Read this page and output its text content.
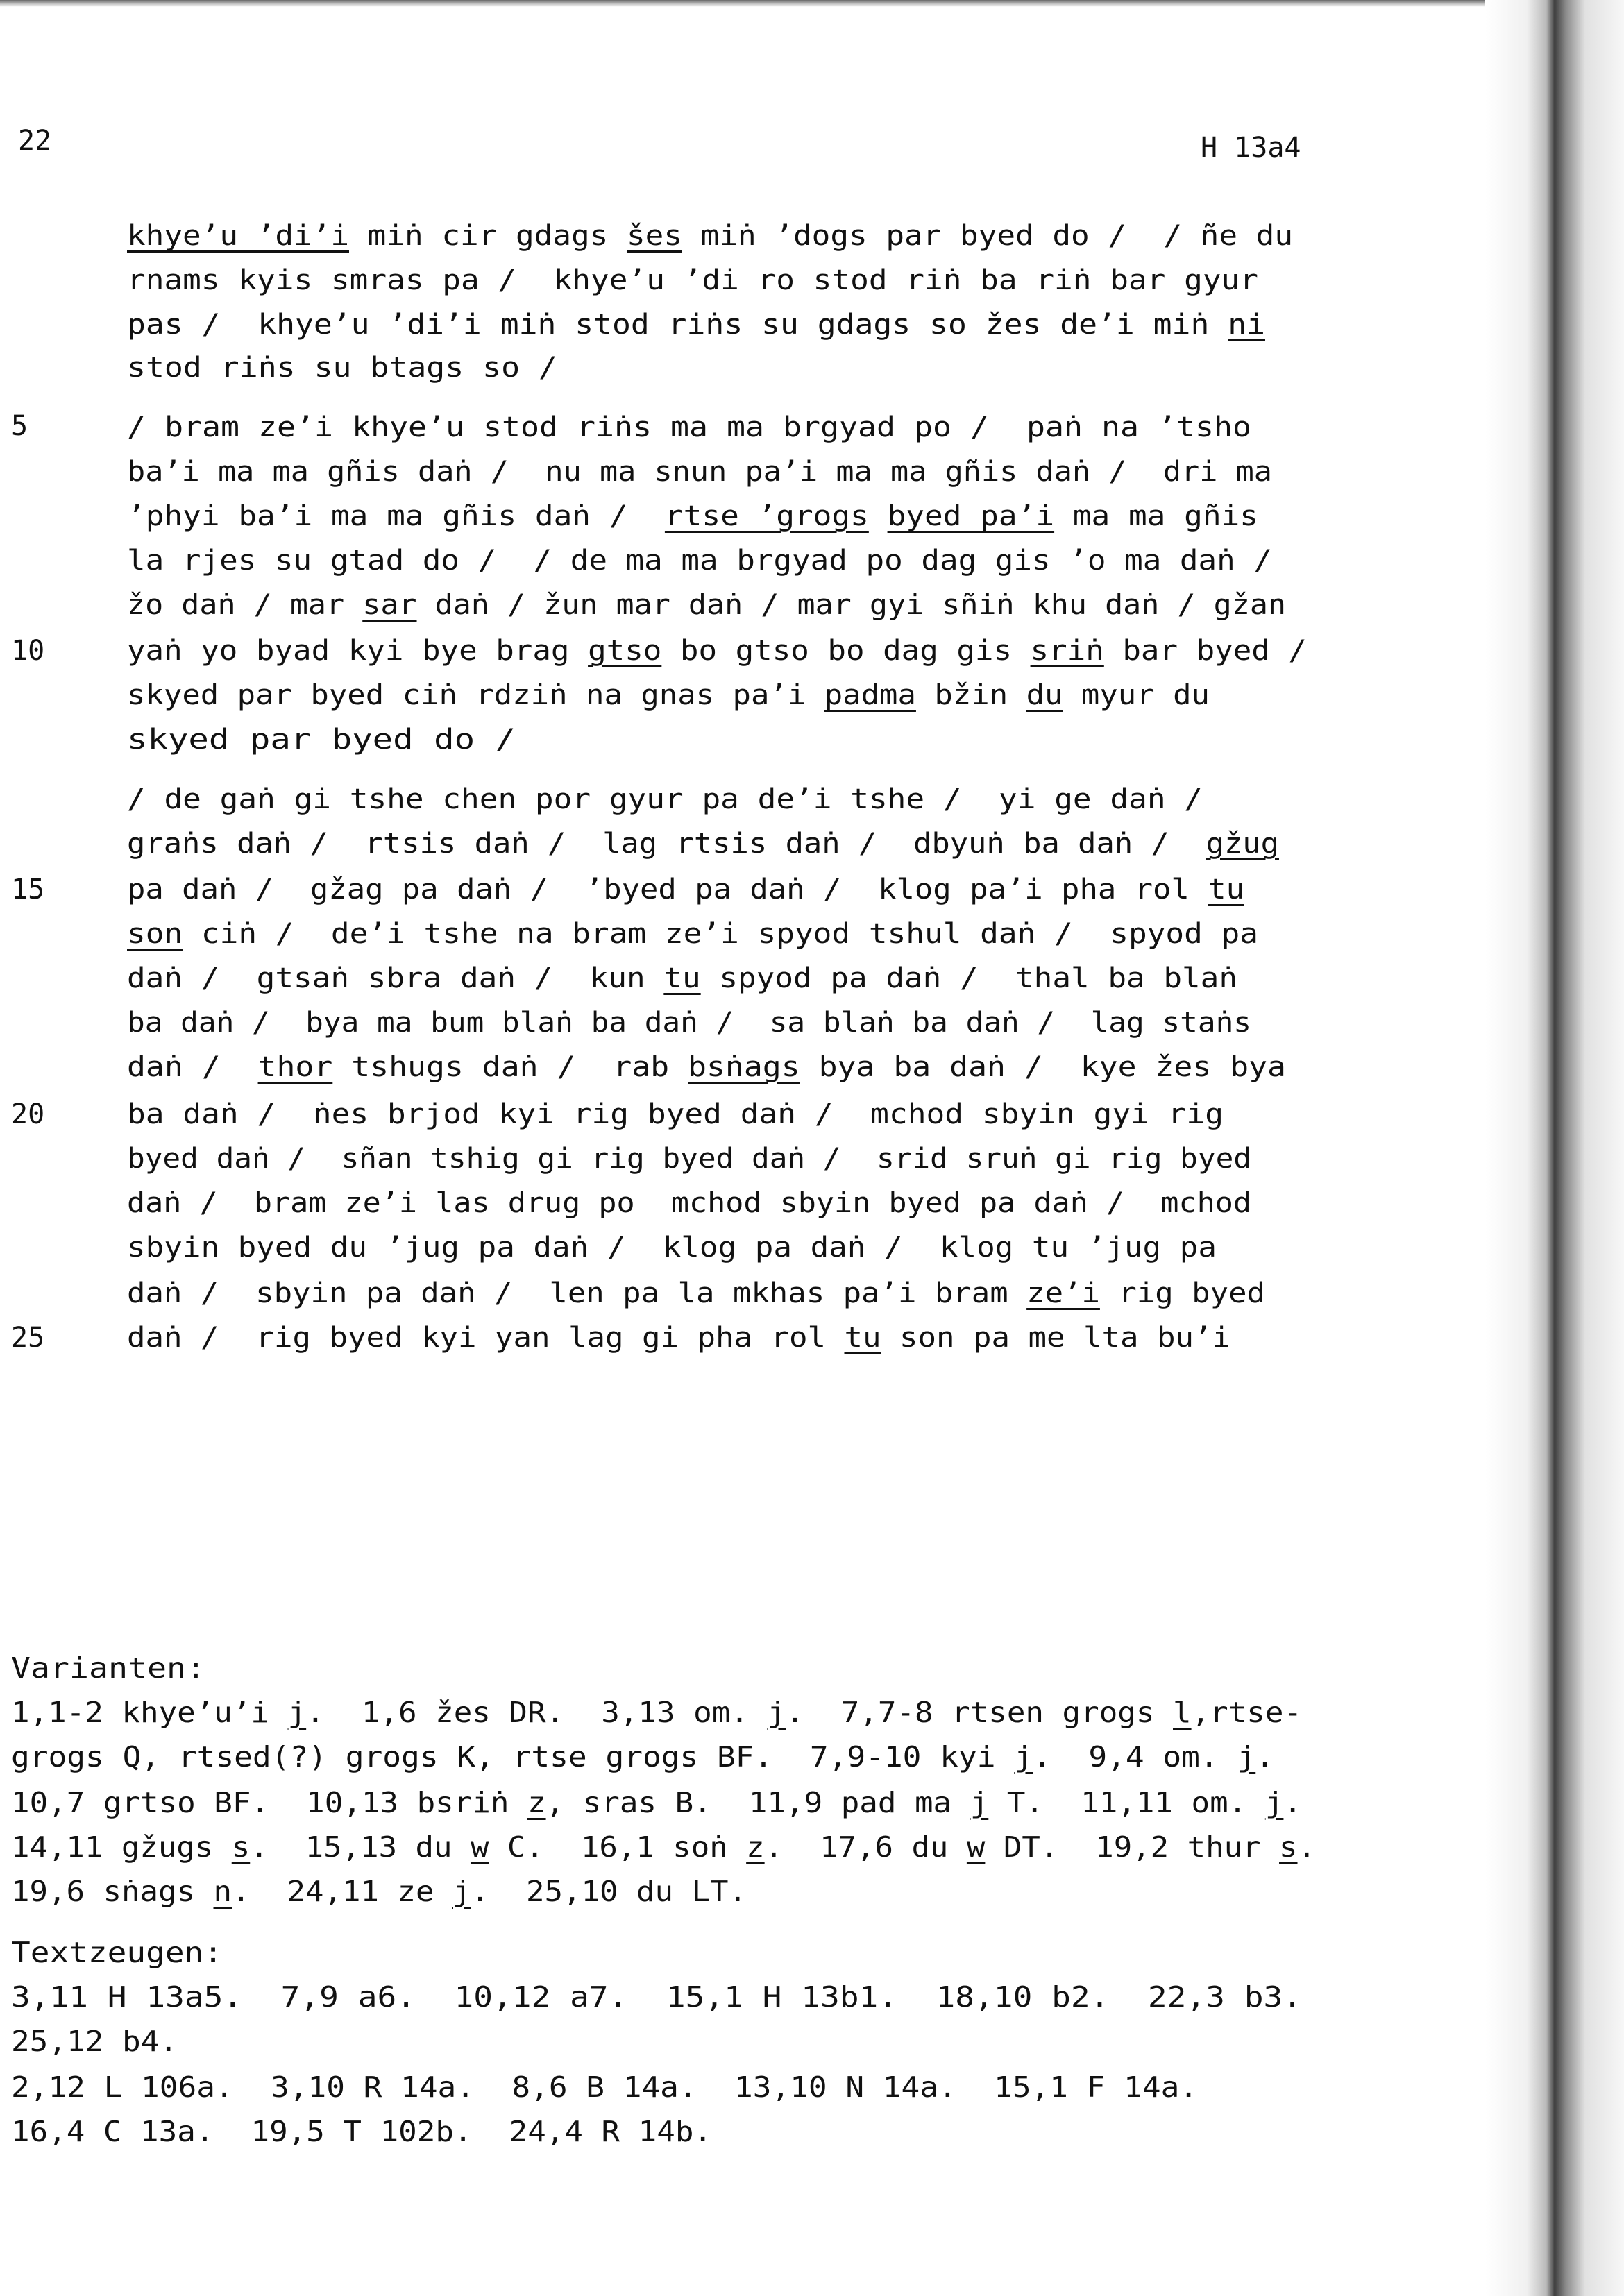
22	H 13a4
5
10
15
20
25
khye’u ’di’i miṅ cir gdags šes miṅ ’dogs par byed do /  / ñe du
rnams kyis smras pa /  khye’u ’di ro stod riṅ ba riṅ bar gyur
pas /  khye’u ’di’i miṅ stod riṅs su gdags so žes de’i miṅ ni
stod riṅs su btags so /
/ bram ze’i khye’u stod riṅs ma ma brgyad po /  paṅ na ’tsho
ba’i ma ma gñis daṅ /  nu ma snun pa’i ma ma gñis daṅ /  dri ma
’phyi ba’i ma ma gñis daṅ /  rtse ’grogs byed pa’i ma ma gñis
la rjes su gtad do /  / de ma ma brgyad po dag gis ’o ma daṅ /
žo daṅ / mar sar daṅ / žun mar daṅ / mar gyi sñiṅ khu daṅ / gžan
yaṅ yo byad kyi bye brag gtso bo gtso bo dag gis sriṅ bar byed /
skyed par byed ciṅ rdziṅ na gnas pa’i padma bžin du myur du
skyed par byed do /
/ de gaṅ gi tshe chen por gyur pa de’i tshe /  yi ge daṅ /
graṅs daṅ /  rtsis daṅ /  lag rtsis daṅ /  dbyuṅ ba daṅ /  gžug
pa daṅ /  gžag pa daṅ /  ’byed pa daṅ /  klog pa’i pha rol tu
son ciṅ /  de’i tshe na bram ze’i spyod tshul daṅ /  spyod pa
daṅ /  gtsaṅ sbra daṅ /  kun tu spyod pa daṅ /  thal ba blaṅ
ba daṅ /  bya ma bum blaṅ ba daṅ /  sa blaṅ ba daṅ /  lag staṅs
daṅ /  thor tshugs daṅ /  rab bsṅags bya ba daṅ /  kye žes bya
ba daṅ /  ṅes brjod kyi rig byed daṅ /  mchod sbyin gyi rig
byed daṅ /  sñan tshig gi rig byed daṅ /  srid sruṅ gi rig byed
daṅ /  bram ze’i las drug po  mchod sbyin byed pa daṅ /  mchod
sbyin byed du ’jug pa daṅ /  klog pa daṅ /  klog tu ’jug pa
daṅ /  sbyin pa daṅ /  len pa la mkhas pa’i bram ze’i rig byed
daṅ /  rig byed kyi yan lag gi pha rol tu son pa me lta bu’i
Varianten:
1,1-2 khye’u’i j.  1,6 žes DR.  3,13 om. j.  7,7-8 rtsen grogs l,rtse-
grogs Q, rtsed(?) grogs K, rtse grogs BF.  7,9-10 kyi j.  9,4 om. j.
10,7 grtso BF.  10,13 bsriṅ z, sras B.  11,9 pad ma j T.  11,11 om. j.
14,11 gžugs s.  15,13 du w C.  16,1 soṅ z.  17,6 du w DT.  19,2 thur s.
19,6 sṅags n.  24,11 ze j.  25,10 du LT.
Textzeugen:
3,11 H 13a5.  7,9 a6.  10,12 a7.  15,1 H 13b1.  18,10 b2.  22,3 b3.
25,12 b4.
2,12 L 106a.  3,10 R 14a.  8,6 B 14a.  13,10 N 14a.  15,1 F 14a.
16,4 C 13a.  19,5 T 102b.  24,4 R 14b.
